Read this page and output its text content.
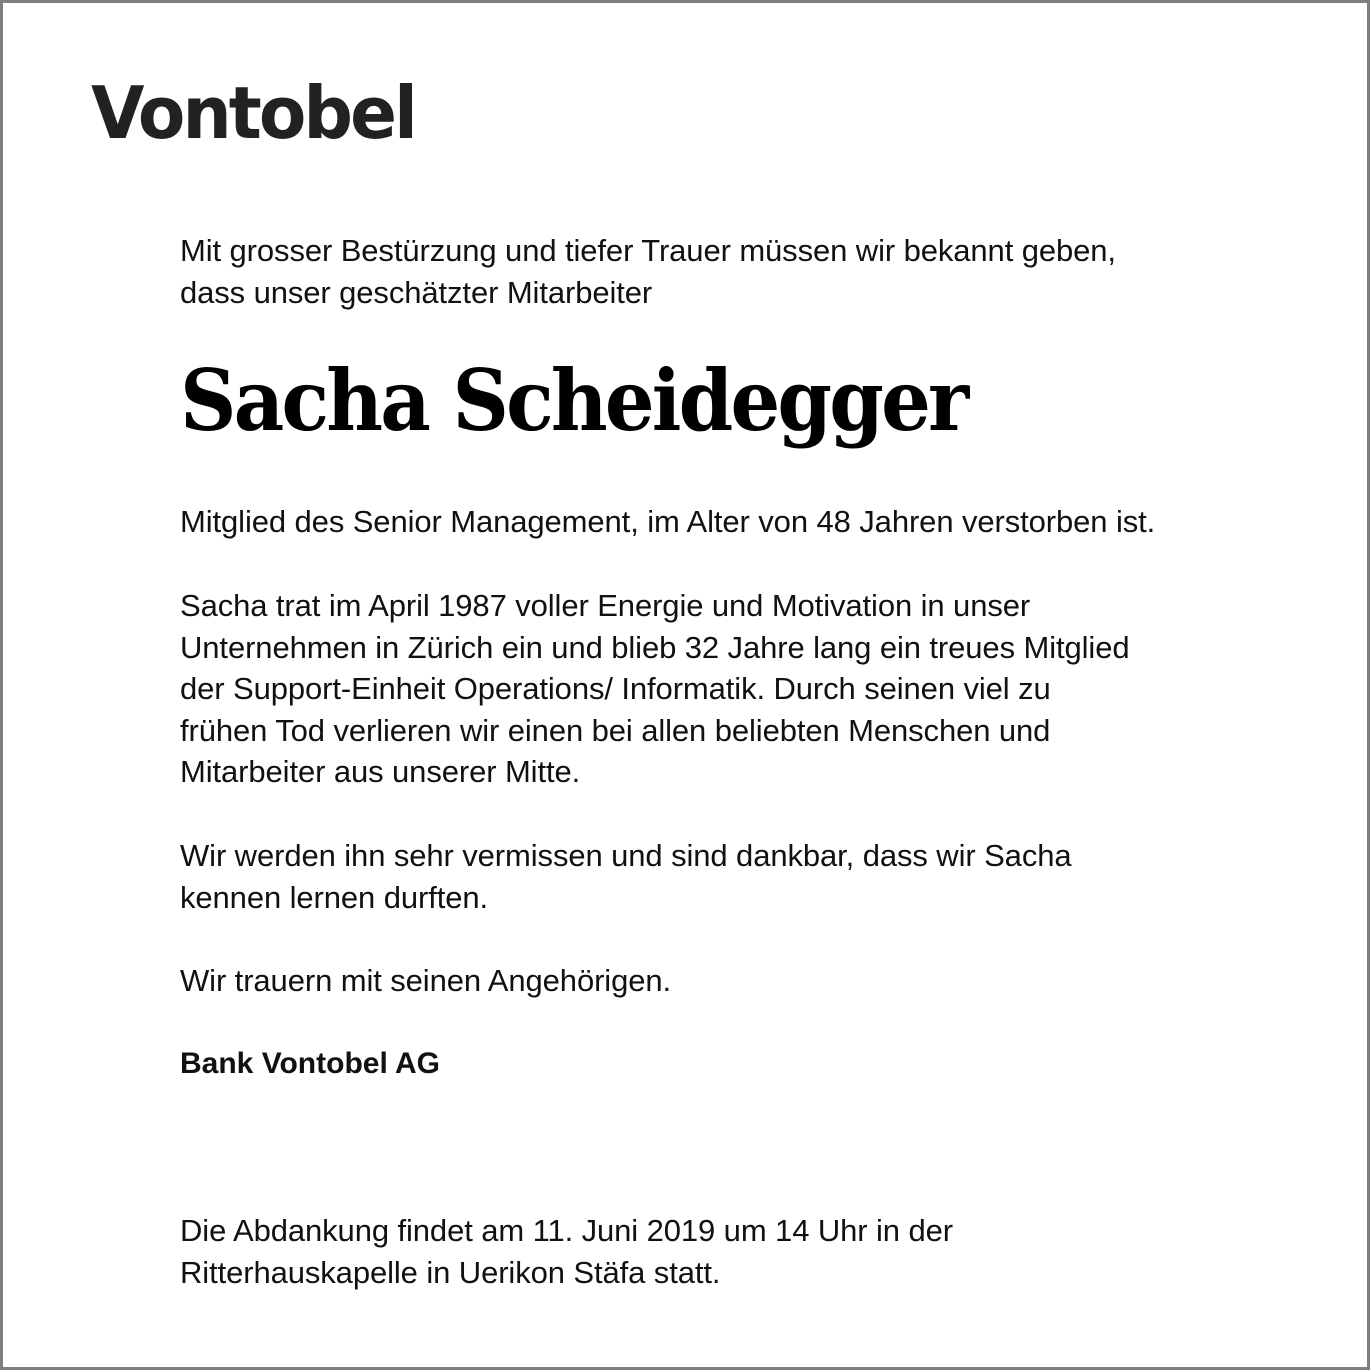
Vontobel

Mit grosser Bestürzung und tiefer Trauer müssen wir bekannt geben,
dass unser geschätzter Mitarbeiter

Sacha Scheidegger

Mitglied des Senior Management, im Alter von 48 Jahren verstorben ist.

Sacha trat im April 1987 voller Energie und Motivation in unser
Unternehmen in Zürich ein und blieb 32 Jahre lang ein treues Mitglied
der Support-Einheit Operations/ Informatik. Durch seinen viel zu
frühen Tod verlieren wir einen bei allen beliebten Menschen und
Mitarbeiter aus unserer Mitte.

Wir werden ihn sehr vermissen und sind dankbar, dass wir Sacha
kennen lernen durften.

Wir trauern mit seinen Angehörigen.

Bank Vontobel AG

Die Abdankung findet am 11. Juni 2019 um 14 Uhr in der
Ritterhauskapelle in Uerikon Stäfa statt.
